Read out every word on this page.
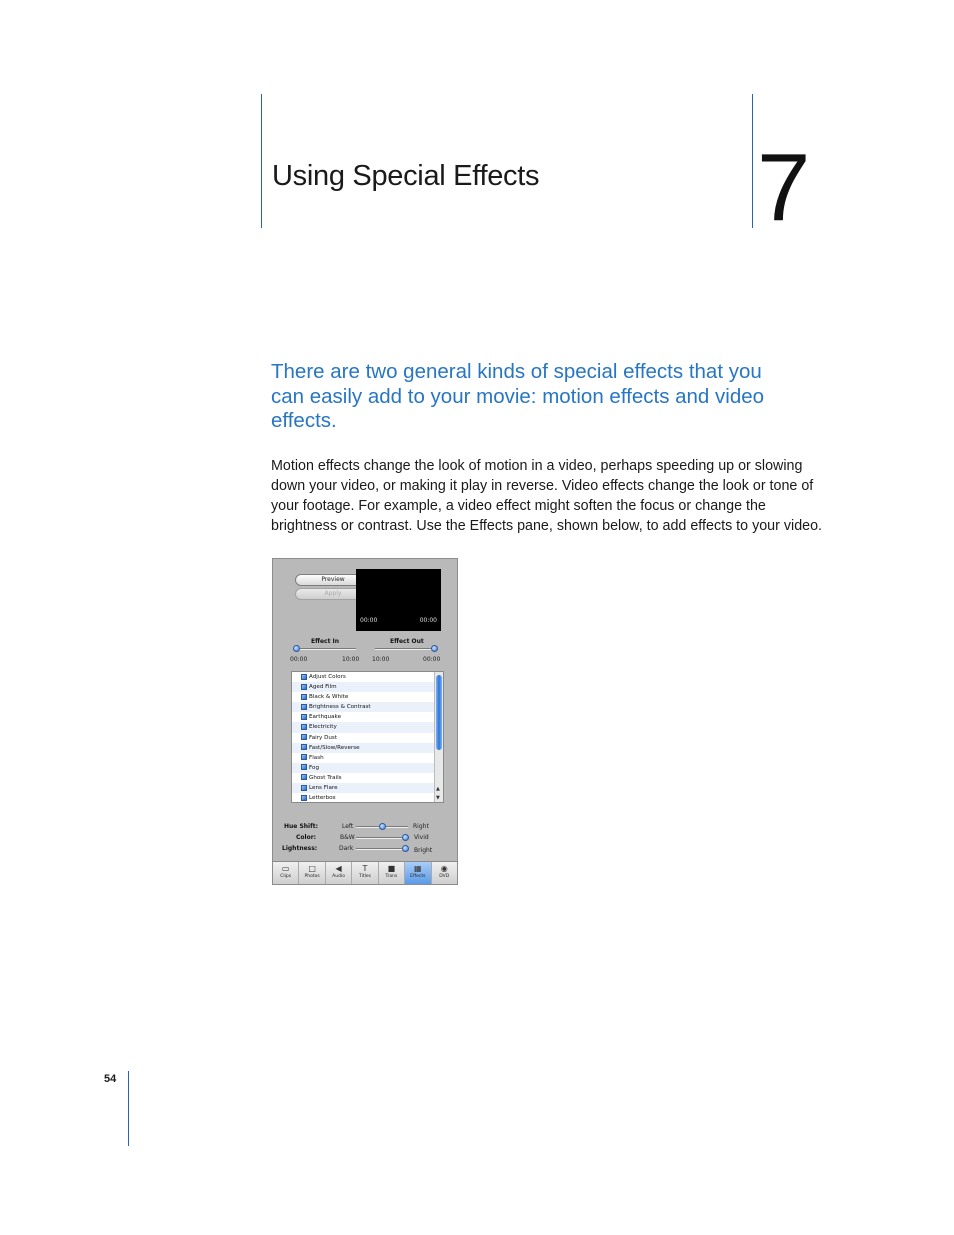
Using Special Effects 7

There are two general kinds of special effects that you can easily add to your movie: motion effects and video effects.

Motion effects change the look of motion in a video, perhaps speeding up or slowing down your video, or making it play in reverse. Video effects change the look or tone of your footage. For example, a video effect might soften the focus or change the brightness or contrast. Use the Effects pane, shown below, to add effects to your video.

Preview
Apply
00:00	00:00
Effect In	Effect Out
00:00	10:00 10:00	00:00
Adjust Colors
Aged Film
Black & White
Brightness & Contrast
Earthquake
Electricity
Fairy Dust
Fast/Slow/Reverse
Flash
Fog
Ghost Trails
Lens Flare
Letterbox
▲
▼
Hue Shift:	Left	Right
Color:	B&W	Vivid
Lightness:	Dark	Bright
▭
Clips
□
Photos
◀
Audio
T
Titles
■
Trans
▦
Effects
◉
DVD
54
